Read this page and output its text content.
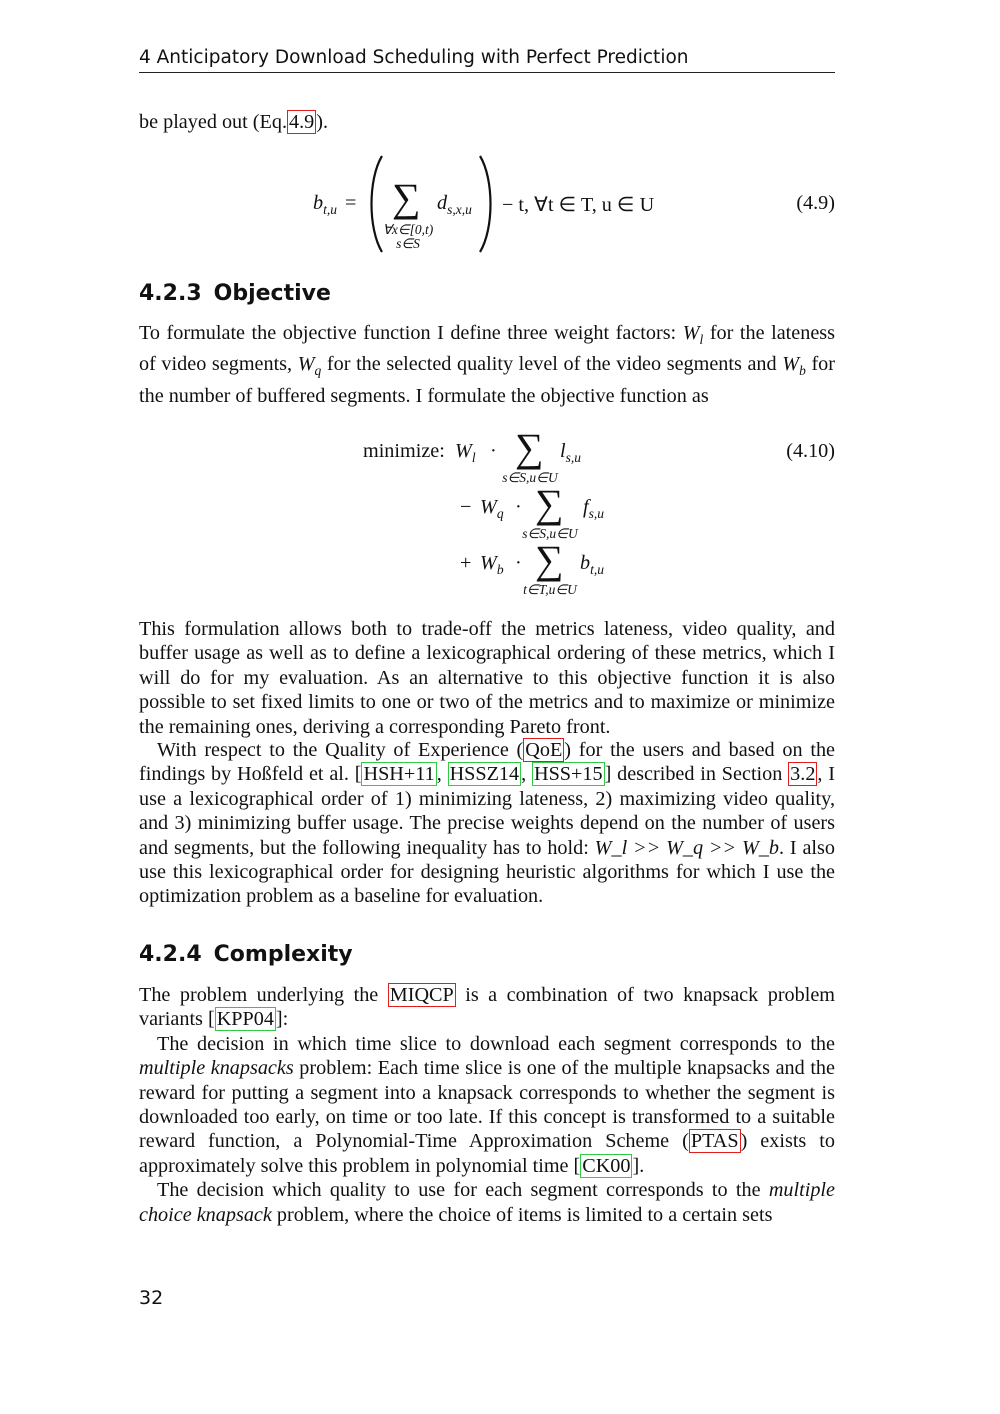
4 Anticipatory Download Scheduling with Perfect Prediction
be played out (Eq.4.9).
$b_{t,u}$ = ∑
∀x∈[0,t)
s∈S
$d_{s,x,u} - t$, ∀t ∈ T, u ∈ U	(4.9)
4.2.3 Objective

To formulate the objective function I define three weight factors: $W_l$ for the lateness of video segments, $W_q$ for the selected quality level of the video segments and $W_b$ for the number of buffered segments. I formulate the objective function as

minimize: $W_l$ · ∑
s∈S,u∈U
$l_{s,u}$
− $W_q$ · ∑
s∈S,u∈U
$f_{s,u}$
+ $W_b$ · ∑
t∈T,u∈U
$b_{t,u}$
(4.10)

This formulation allows both to trade-off the metrics lateness, video quality, and buffer usage as well as to define a lexicographical ordering of these metrics, which I will do for my evaluation. As an alternative to this objective function it is also possible to set fixed limits to one or two of the metrics and to maximize or minimize the remaining ones, deriving a corresponding Pareto front.

With respect to the Quality of Experience (QoE) for the users and based on the findings by Hoßfeld et al. [HSH+11, HSSZ14, HSS+15] described in Section 3.2, I use a lexicographical order of 1) minimizing lateness, 2) maximizing video quality, and 3) minimizing buffer usage. The precise weights depend on the number of users and segments, but the following inequality has to hold: W_l >> W_q >> W_b. I also use this lexicographical order for designing heuristic algorithms for which I use the optimization problem as a baseline for evaluation.

4.2.4 Complexity

The problem underlying the MIQCP is a combination of two knapsack problem variants [KPP04]:

The decision in which time slice to download each segment corresponds to the multiple knapsacks problem: Each time slice is one of the multiple knapsacks and the reward for putting a segment into a knapsack corresponds to whether the segment is downloaded too early, on time or too late. If this concept is transformed to a suitable reward function, a Polynomial-Time Approximation Scheme (PTAS) exists to approximately solve this problem in polynomial time [CK00].

The decision which quality to use for each segment corresponds to the multiple choice knapsack problem, where the choice of items is limited to a certain sets

32
